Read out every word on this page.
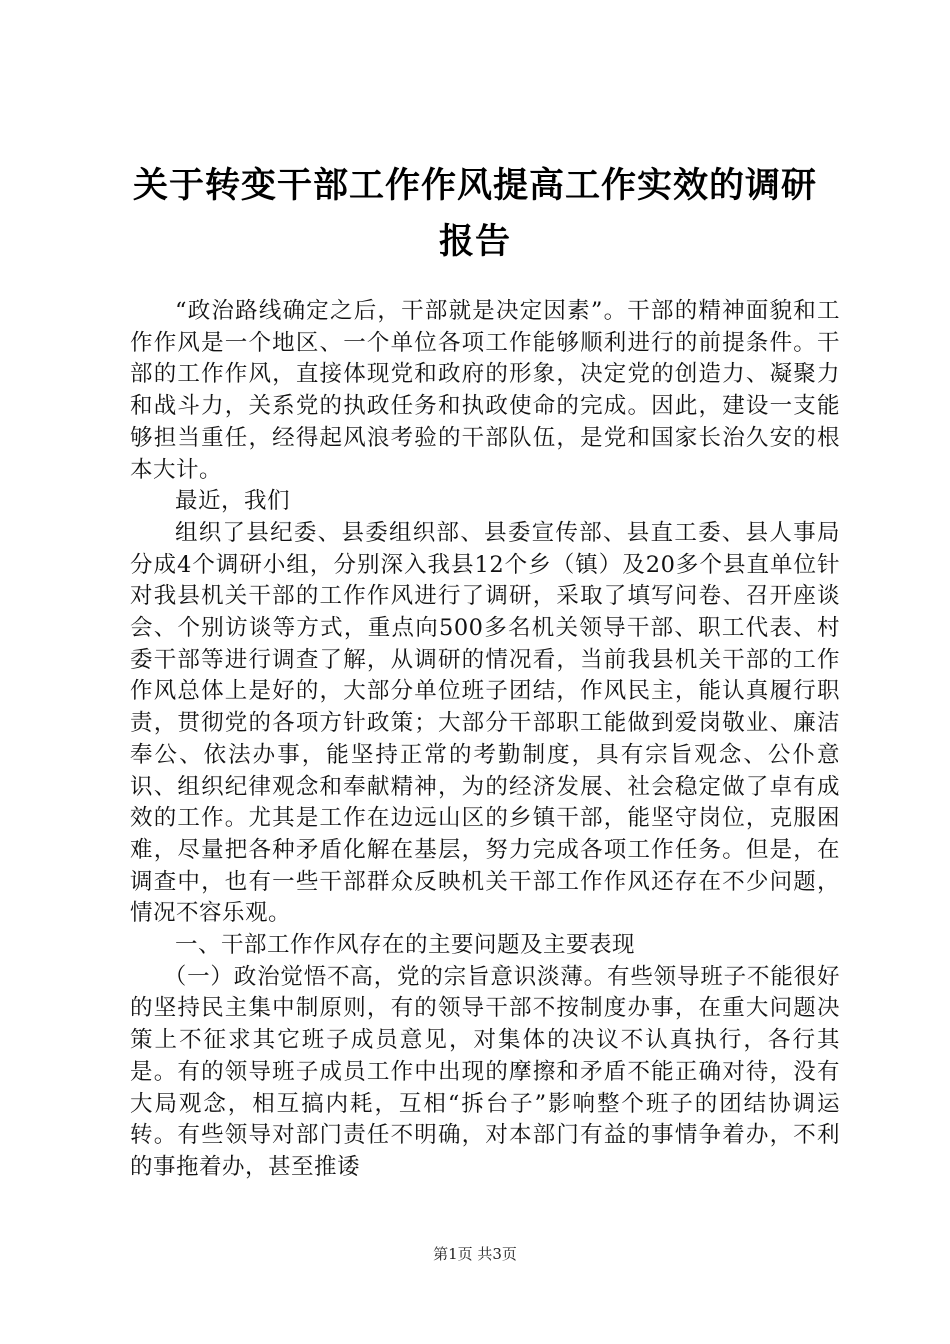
关于转变干部工作作风提高工作实效的调研报告

“政治路线确定之后，干部就是决定因素”。干部的精神面貌和工作作风是一个地区、一个单位各项工作能够顺利进行的前提条件。干部的工作作风，直接体现党和政府的形象，决定党的创造力、凝聚力和战斗力，关系党的执政任务和执政使命的完成。因此，建设一支能够担当重任，经得起风浪考验的干部队伍，是党和国家长治久安的根本大计。

最近，我们

组织了县纪委、县委组织部、县委宣传部、县直工委、县人事局分成4个调研小组，分别深入我县12个乡（镇）及20多个县直单位针对我县机关干部的工作作风进行了调研，采取了填写问卷、召开座谈会、个别访谈等方式，重点向500多名机关领导干部、职工代表、村委干部等进行调查了解，从调研的情况看，当前我县机关干部的工作作风总体上是好的，大部分单位班子团结，作风民主，能认真履行职责，贯彻党的各项方针政策；大部分干部职工能做到爱岗敬业、廉洁奉公、依法办事，能坚持正常的考勤制度，具有宗旨观念、公仆意识、组织纪律观念和奉献精神，为的经济发展、社会稳定做了卓有成效的工作。尤其是工作在边远山区的乡镇干部，能坚守岗位，克服困难，尽量把各种矛盾化解在基层，努力完成各项工作任务。但是，在调查中，也有一些干部群众反映机关干部工作作风还存在不少问题，情况不容乐观。

一、干部工作作风存在的主要问题及主要表现

（一）政治觉悟不高，党的宗旨意识淡薄。有些领导班子不能很好的坚持民主集中制原则，有的领导干部不按制度办事，在重大问题决策上不征求其它班子成员意见，对集体的决议不认真执行，各行其是。有的领导班子成员工作中出现的摩擦和矛盾不能正确对待，没有大局观念，相互搞内耗，互相“拆台子”影响整个班子的团结协调运转。有些领导对部门责任不明确，对本部门有益的事情争着办，不利的事拖着办，甚至推诿

第1页 共3页
